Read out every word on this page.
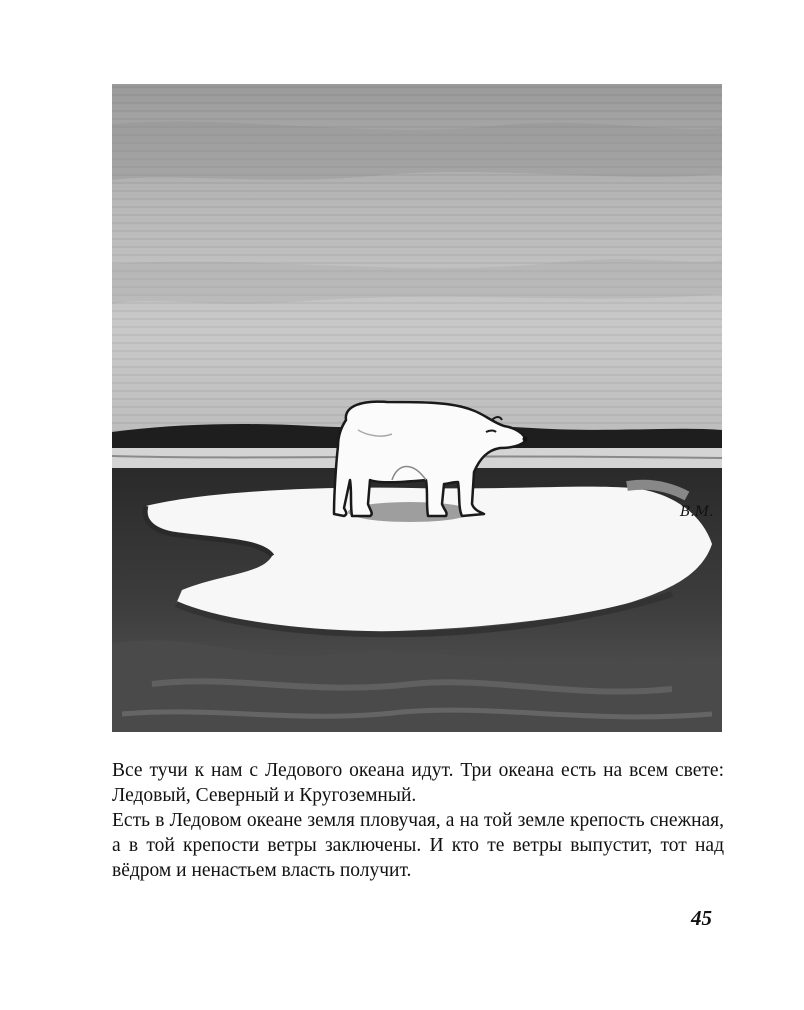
В.М.

Все тучи к нам с Ледового океана идут. Три океана есть на всем свете: Ледовый, Северный и Кругоземный.

Есть в Ледовом океане земля пловучая, а на той земле крепость снежная, а в той крепости ветры заключены. И кто те ветры выпустит, тот над вёдром и ненастьем власть получит.

45
